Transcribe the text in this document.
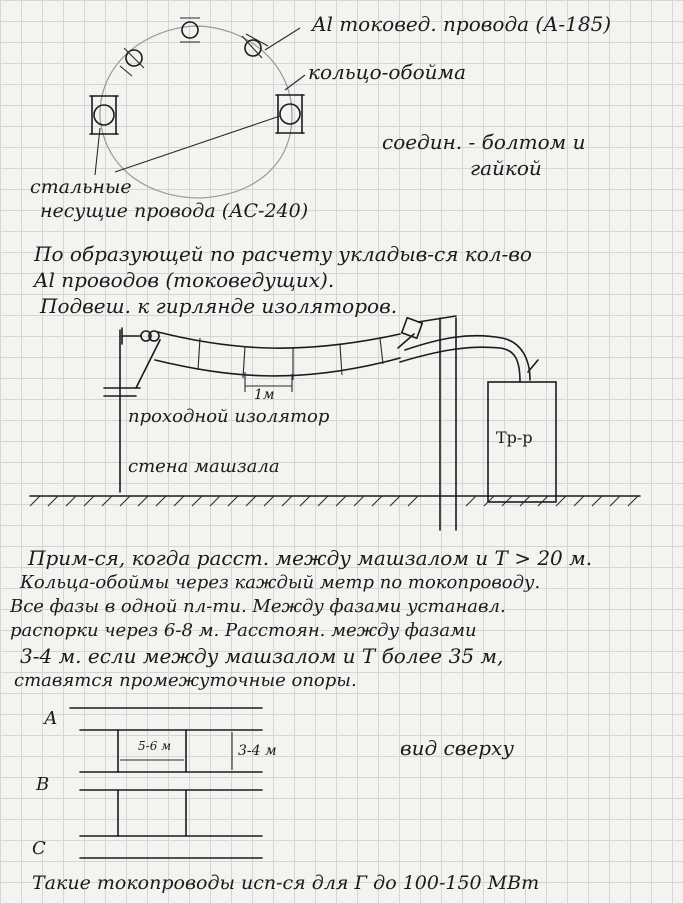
Al токовед. провода (А-185)
кольцо-обойма
соедин. - болтом и
гайкой
стальные
несущие провода (АС-240)
По образующей по расчету укладыв-ся кол-во
Al проводов (токоведущих).
Подвеш. к гирлянде изоляторов.
1м
проходной изолятор
стена машзала
Тр-р
Прим-ся, когда расст. между машзалом и Т > 20 м.
Кольца-обоймы через каждый метр по токопроводу.
Все фазы в одной пл-ти. Между фазами устанавл.
распорки через 6-8 м. Расстоян. между фазами
3-4 м. если между машзалом и Т более 35 м,
ставятся промежуточные опоры.
А
В
С
5-6 м	3-4 м	вид сверху
Такие токопроводы исп-ся для Г до 100-150 МВт
